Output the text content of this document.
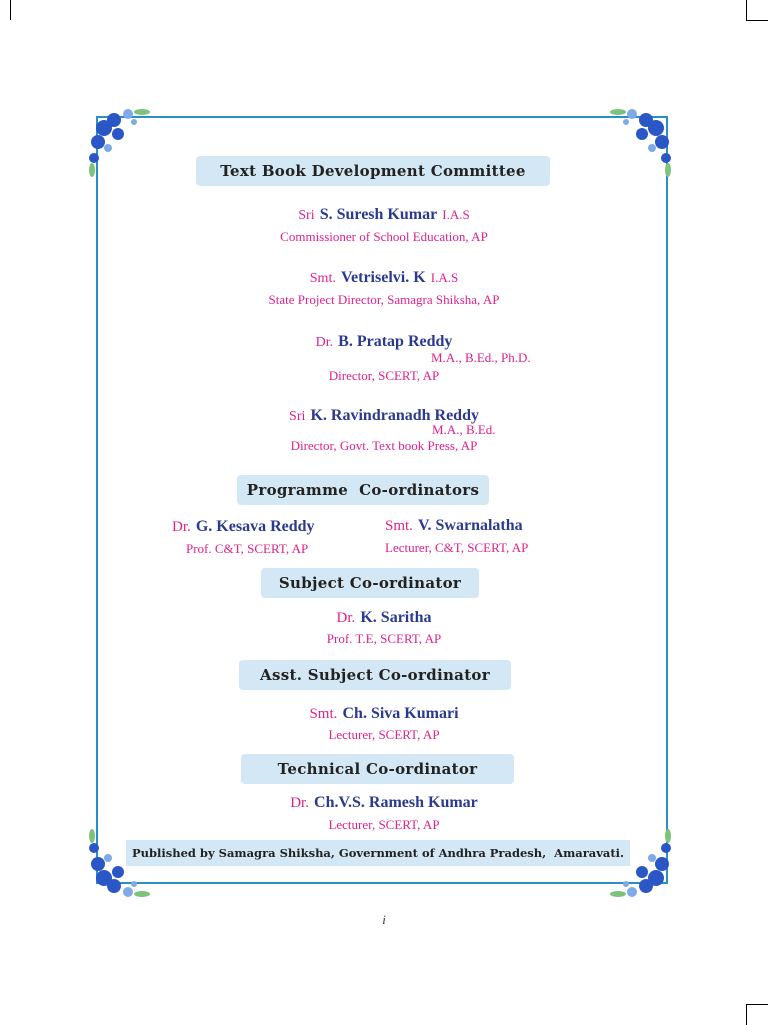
Text Book Development Committee
Sri S. Suresh Kumar I.A.S
Commissioner of School Education, AP
Smt. Vetriselvi. K I.A.S
State Project Director, Samagra Shiksha, AP
Dr. B. Pratap Reddy
M.A., B.Ed., Ph.D.
Director, SCERT, AP
Sri K. Ravindranadh Reddy
M.A., B.Ed.
Director, Govt. Text book Press, AP
Programme  Co-ordinators
Dr. G. Kesava Reddy
Prof. C&T, SCERT, AP
Smt. V. Swarnalatha
Lecturer, C&T, SCERT, AP
Subject Co-ordinator
Dr. K. Saritha
Prof. T.E, SCERT, AP
Asst. Subject Co-ordinator
Smt. Ch. Siva Kumari
Lecturer, SCERT, AP
Technical Co-ordinator
Dr. Ch.V.S. Ramesh Kumar
Lecturer, SCERT, AP
Published by Samagra Shiksha, Government of Andhra Pradesh,  Amaravati.
i
